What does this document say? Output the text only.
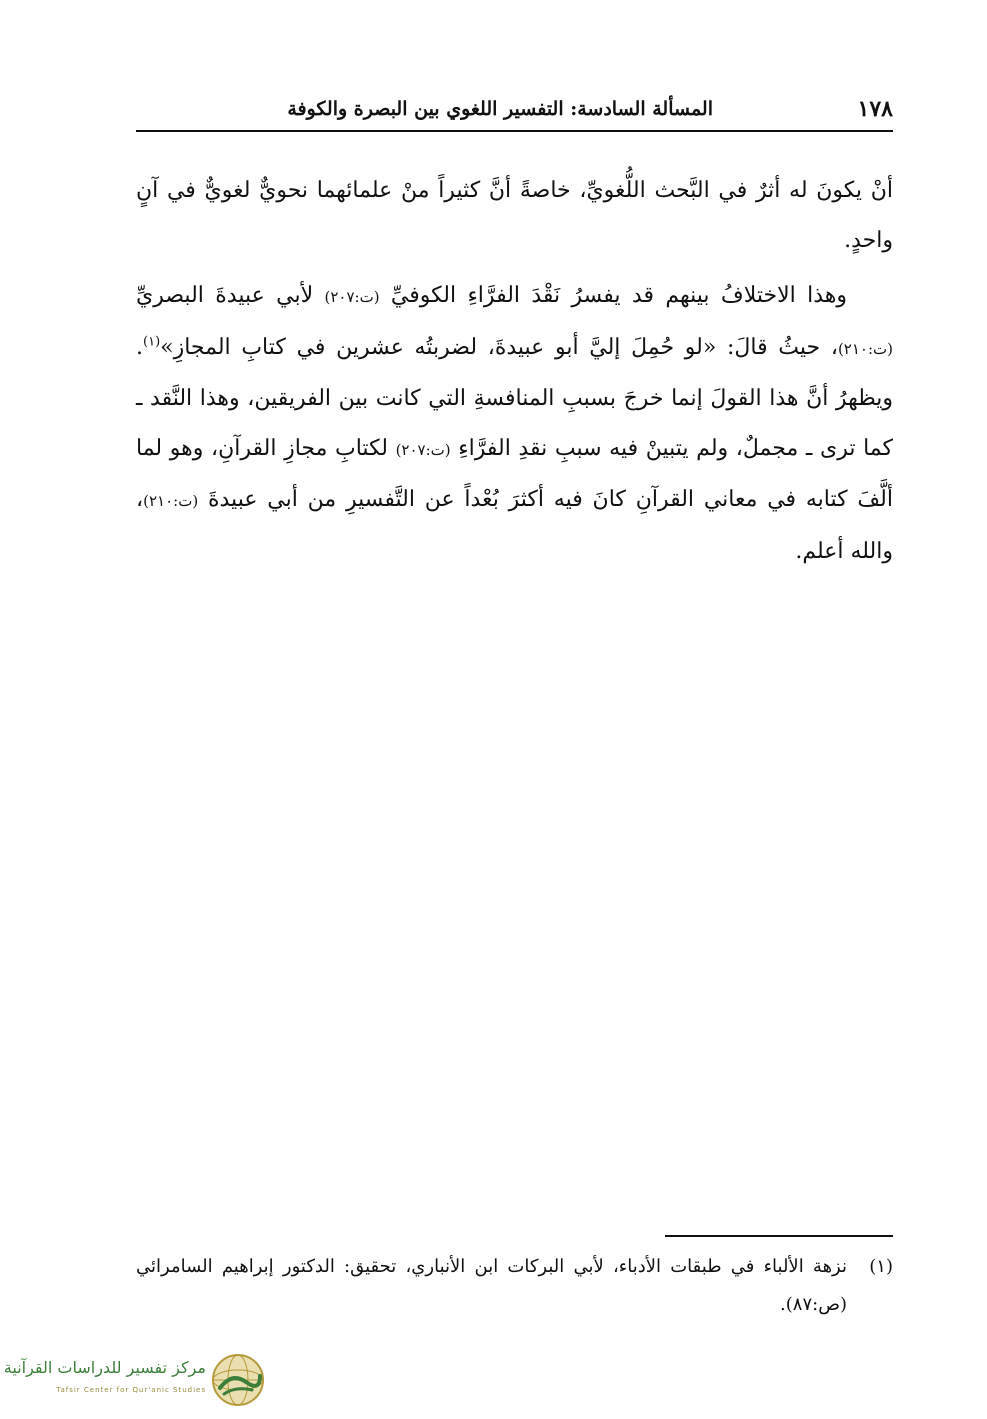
١٧٨
المسألة السادسة: التفسير اللغوي بين البصرة والكوفة

أنْ يكونَ له أثرٌ في البَّحث اللُّغويِّ، خاصةً أنَّ كثيراً منْ علمائهما نحويٌّ لغويٌّ في آنٍ واحدٍ.

وهذا الاختلافُ بينهم قد يفسرُ نَقْدَ الفرَّاءِ الكوفيِّ (ت:٢٠٧) لأبي عبيدةَ البصريِّ (ت:٢١٠)، حيثُ قالَ: «لو حُمِلَ إليَّ أبو عبيدةَ، لضربتُه عشرين في كتابِ المجازِ»$^{(١)}$. ويظهرُ أنَّ هذا القولَ إنما خرجَ بسببِ المنافسةِ التي كانت بين الفريقين، وهذا النَّقد ـ كما ترى ـ مجملٌ، ولم يتبينْ فيه سببِ نقدِ الفرَّاءِ (ت:٢٠٧) لكتابِ مجازِ القرآنِ، وهو لما ألَّفَ كتابه في معاني القرآنِ كانَ فيه أكثرَ بُعْداً عن التَّفسيرِ من أبي عبيدةَ (ت:٢١٠)، والله أعلم.

(١)
نزهة الألباء في طبقات الأدباء، لأبي البركات ابن الأنباري، تحقيق: الدكتور إبراهيم السامرائي (ص:٨٧).
مركز تفسير للدراسات القرآنية
Tafsir Center for Qur'anic Studies
